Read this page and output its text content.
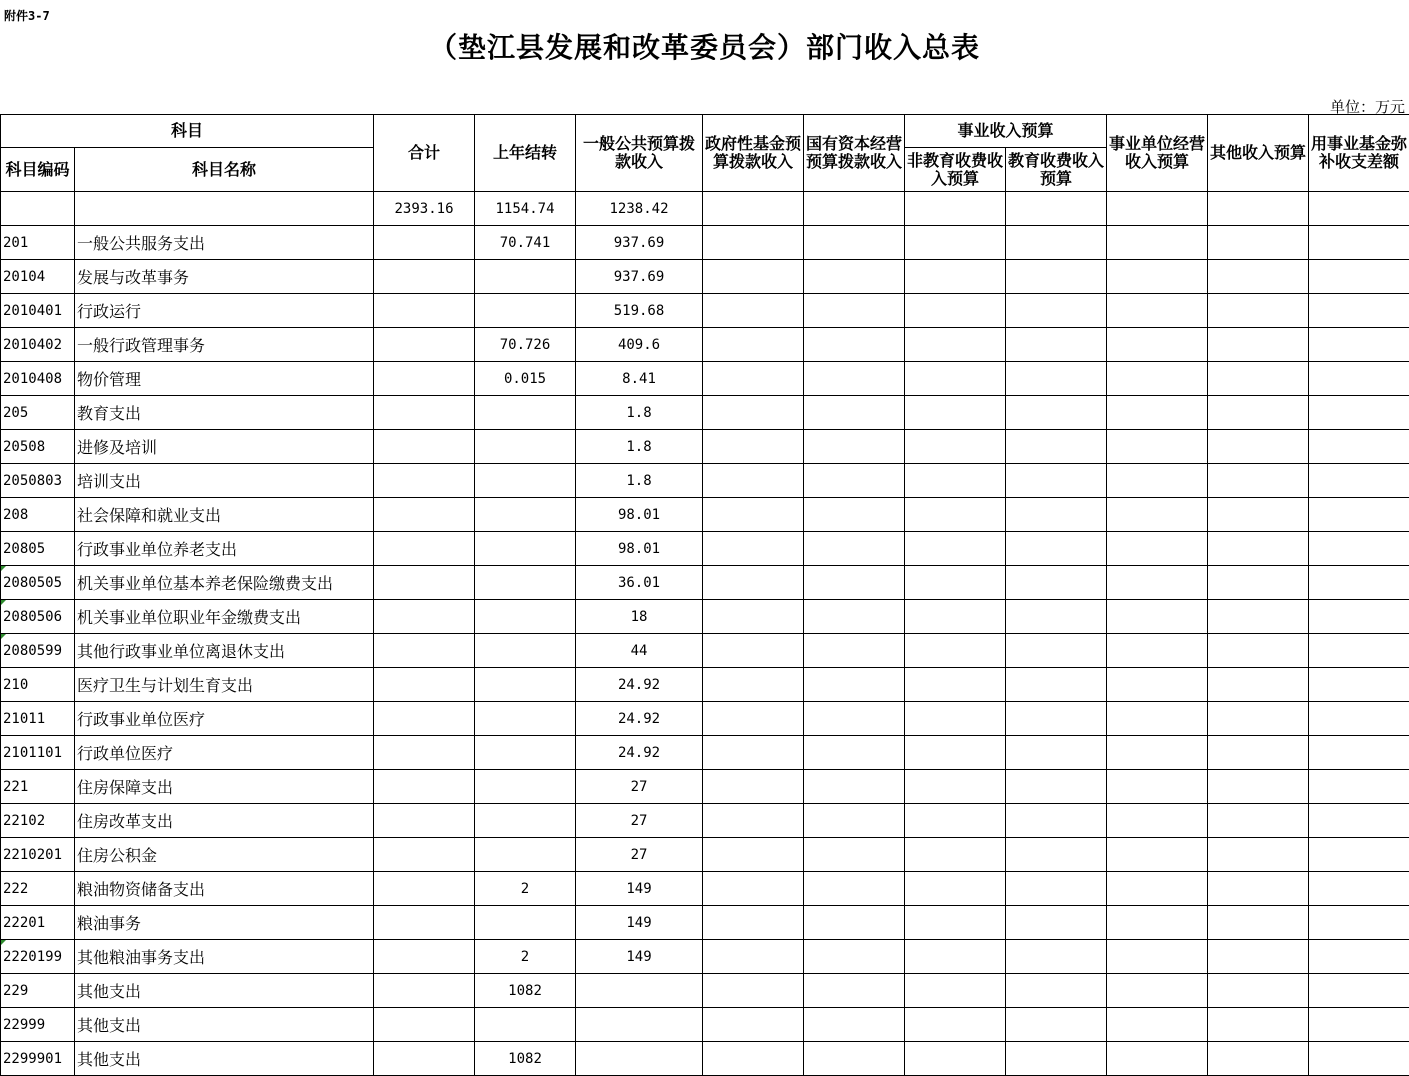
附件3-7
（垫江县发展和改革委员会）部门收入总表
单位：万元
科目		合计	上年结转	一般公共预算拨款收入	政府性基金预算拨款收入	国有资本经营预算拨款收入	事业收入预算		事业单位经营收入预算	其他收入预算	用事业基金弥补收支差额
科目编码	科目名称						非教育收费收入预算	教育收费收入预算			
		2393.16	1154.74	1238.42							
201	一般公共服务支出		70.741	937.69							
20104	发展与改革事务			937.69							
2010401	行政运行			519.68							
2010402	一般行政管理事务		70.726	409.6							
2010408	物价管理		0.015	8.41							
205	教育支出			1.8							
20508	进修及培训			1.8							
2050803	培训支出			1.8							
208	社会保障和就业支出			98.01							
20805	行政事业单位养老支出			98.01							
2080505	机关事业单位基本养老保险缴费支出			36.01							
2080506	机关事业单位职业年金缴费支出			18							
2080599	其他行政事业单位离退休支出			44							
210	医疗卫生与计划生育支出			24.92							
21011	行政事业单位医疗			24.92							
2101101	行政单位医疗			24.92							
221	住房保障支出			27							
22102	住房改革支出			27							
2210201	住房公积金			27							
222	粮油物资储备支出		2	149							
22201	粮油事务			149							
2220199	其他粮油事务支出		2	149							
229	其他支出		1082								
22999	其他支出										
2299901	其他支出		1082								
